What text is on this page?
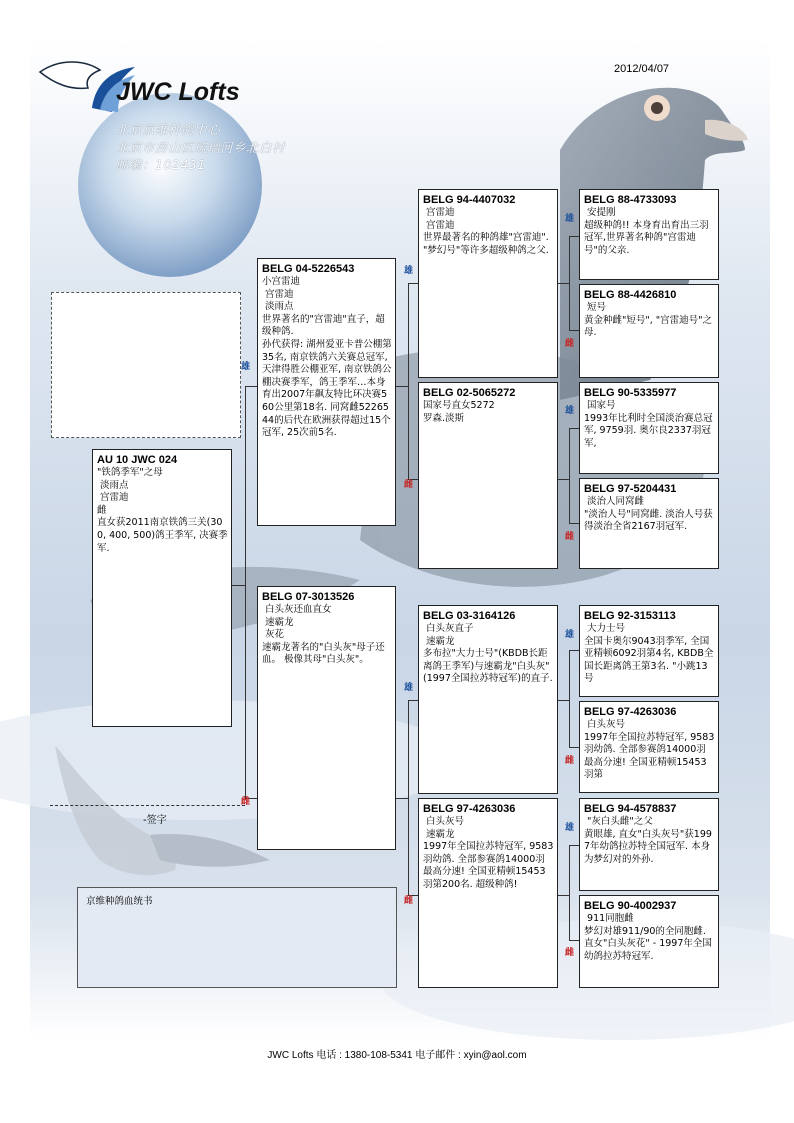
2012/04/07
JWC Lofts
北京京维种鸽中心
北京市房山区琉璃河乡北白村
邮编：102431
雄
雌
雄
雌
雄
雌
雄
雌
雄
雌
雄
雌
雄
雌
AU 10 JWC 024
"铁鸽季军"之母
淡雨点
宫雷迪
雌
直女获2011南京铁鸽三关(300, 400, 500)鸽王季军, 决赛季军.
BELG 04-5226543
小宫雷迪
宫雷迪
淡雨点
世界著名的"宫雷迪"直子，超级种鸽.
孙代获得: 湖州爱亚卡普公棚第35名, 南京铁鸽六关赛总冠军, 天津得胜公棚亚军, 南京铁鸽公棚决赛季军，鸽王季军…本身育出2007年飙友特比环决赛560公里第18名. 同窝雌5226544的后代在欧洲获得超过15个冠军, 25次前5名.
BELG 07-3013526
白头灰还血直女
速霸龙
灰花
速霸龙著名的"白头灰"母子还血。 极像其母"白头灰"。
BELG 94-4407032
宫雷迪
宫雷迪
世界最著名的种鸽雄"宫雷迪". "梦幻号"等许多超级种鸽之父.
BELG 02-5065272
国家号直女5272
罗森.淡斯
BELG 03-3164126
白头灰直子
速霸龙
多布拉"大力士号"(KBDB长距离鸽王季军)与速霸龙"白头灰"(1997全国拉苏特冠军)的直子.
BELG 97-4263036
白头灰号
速霸龙
1997年全国拉苏特冠军, 9583羽幼鸽. 全部参赛鸽14000羽最高分速! 全国亚精顿15453羽第200名. 超级种鸽!
BELG 88-4733093
安提刚
超级种鸽!! 本身育出育出三羽冠军,世界著名种鸽"宫雷迪号"的父亲.
BELG 88-4426810
短号
黄金种雌"短号", "宫雷迪号"之母.
BELG 90-5335977
国家号
1993年比利时全国淡治赛总冠军, 9759羽. 奥尔良2337羽冠军,
BELG 97-5204431
淡治人同窝雌
"淡治人号"同窝雌. 淡治人号获得淡治全省2167羽冠军.
BELG 92-3153113
大力士号
全国卡奥尔9043羽季军, 全国亚精顿6092羽第4名, KBDB全国长距离鸽王第3名. "小跳13号
BELG 97-4263036
白头灰号
1997年全国拉苏特冠军, 9583羽幼鸽. 全部参赛鸽14000羽最高分速! 全国亚精顿15453羽第
BELG 94-4578837
"灰白头雌"之父
黄眼雄, 直女"白头灰号"获1997年幼鸽拉苏特全国冠军. 本身为梦幻对的外孙.
BELG 90-4002937
911同胞雌
梦幻对雄911/90的全同胞雌. 直女"白头灰花" - 1997年全国幼鸽拉苏特冠军.
-签字
京维种鸽血统书
JWC Lofts 电话 : 1380-108-5341 电子邮件 : xyin@aol.com
